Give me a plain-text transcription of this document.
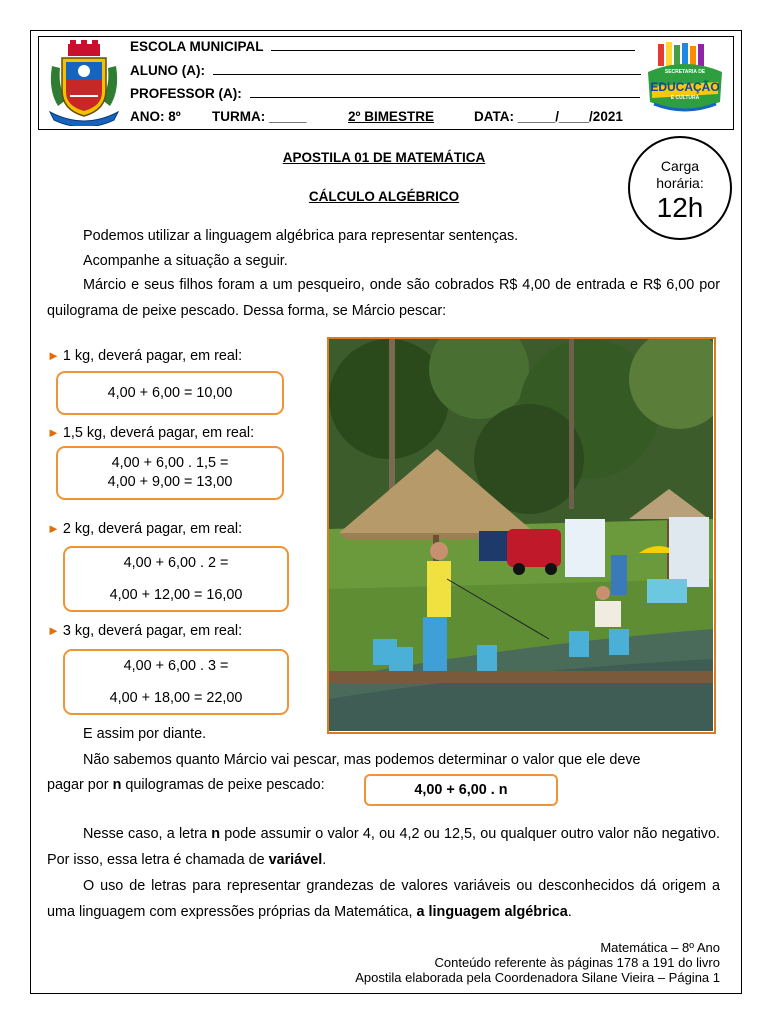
ESCOLA MUNICIPAL
ALUNO (A):
PROFESSOR (A):
ANO: 8º TURMA: _____	2º BIMESTRE	DATA: _____/____/2021
SECRETARIA DE
EDUCAÇÃO
E CULTURA
APOSTILA 01 DE MATEMÁTICA
CÁLCULO ALGÉBRICO
Carga
horária:
12h
Podemos utilizar a linguagem algébrica para representar sentenças.
Acompanhe a situação a seguir.
Márcio e seus filhos foram a um pesqueiro, onde são cobrados R$ 4,00 de entrada e R$ 6,00 por quilograma de peixe pescado. Dessa forma, se Márcio pescar:
► 1 kg, deverá pagar, em real:
4,00 + 6,00 = 10,00
► 1,5 kg, deverá pagar, em real:
4,00 + 6,00 . 1,5 =
4,00 + 9,00 = 13,00
► 2 kg, deverá pagar, em real:
4,00 + 6,00 . 2 =
4,00 + 12,00 = 16,00
► 3 kg, deverá pagar, em real:
4,00 + 6,00 . 3 =
4,00 + 18,00 = 22,00
E assim por diante.
Não sabemos quanto Márcio vai pescar, mas podemos determinar o valor que ele deve
pagar por n quilogramas de peixe pescado:	4,00 + 6,00 . n
Nesse caso, a letra n pode assumir o valor 4, ou 4,2 ou 12,5, ou qualquer outro valor não negativo. Por isso, essa letra é chamada de variável.
O uso de letras para representar grandezas de valores variáveis ou desconhecidos dá origem a uma linguagem com expressões próprias da Matemática, a linguagem algébrica.
Matemática – 8º Ano
Conteúdo referente às páginas 178 a 191 do livro
Apostila elaborada pela Coordenadora Silane Vieira – Página 1
